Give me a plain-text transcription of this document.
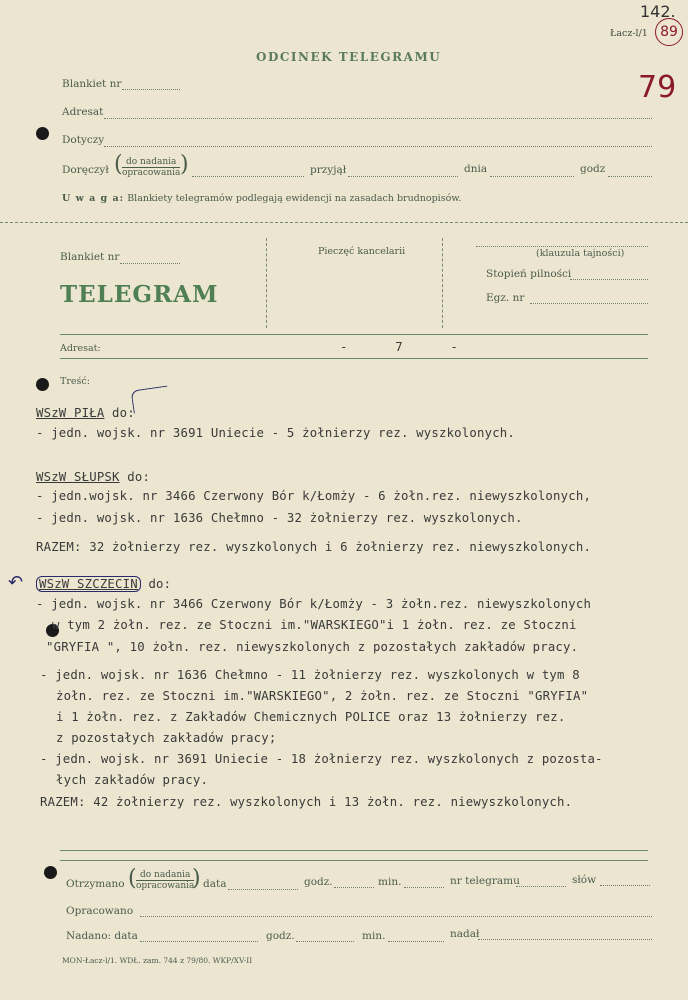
142.
79
89
Łacz-l/1
ODCINEK TELEGRAMU
Blankiet nr
Adresat
Dotyczy
Doręczył ( do nadania
opracowania )	przyjął	dnia	godz
U w a g a: Blankiety telegramów podlegają ewidencji na zasadach brudnopisów.
Blankiet nr
TELEGRAM
Pieczęć kancelarii	(klauzula tajności)
Stopień pilności
Egz. nr
Adresat:	- 7 -
Treść:
WSzW PIŁA do:
- jedn. wojsk. nr 3691 Uniecie - 5 żołnierzy rez. wyszkolonych.
WSzW SŁUPSK do:
- jedn.wojsk. nr 3466 Czerwony Bór k/Łomży - 6 żołn.rez. niewyszkolonych,
- jedn. wojsk. nr 1636 Chełmno - 32 żołnierzy rez. wyszkolonych.
RAZEM: 32 żołnierzy rez. wyszkolonych i 6 żołnierzy rez. niewyszkolonych.
↶ WSzW SZCZECIN do:
- jedn. wojsk. nr 3466 Czerwony Bór k/Łomży - 3 żołn.rez. niewyszkolonych
w tym 2 żołn. rez. ze Stoczni im."WARSKIEGO"i 1 żołn. rez. ze Stoczni
"GRYFIA ", 10 żołn. rez. niewyszkolonych z pozostałych zakładów pracy.
- jedn. wojsk. nr 1636 Chełmno - 11 żołnierzy rez. wyszkolonych w tym 8
żołn. rez. ze Stoczni im."WARSKIEGO", 2 żołn. rez. ze Stoczni "GRYFIA"
i 1 żołn. rez. z Zakładów Chemicznych POLICE oraz 13 żołnierzy rez.
z pozostałych zakładów pracy;
- jedn. wojsk. nr 3691 Uniecie - 18 żołnierzy rez. wyszkolonych z pozosta-
łych zakładów pracy.
RAZEM: 42 żołnierzy rez. wyszkolonych i 13 żołn. rez. niewyszkolonych.
Otrzymano ( do nadania
opracowania
) data	godz.	min.	nr telegramu	słów
Opracowano
Nadano: data	godz.	min.	nadał
MON-Łacz-l/1. WDŁ. zam. 744 z 79/80. WKP/XV-II
